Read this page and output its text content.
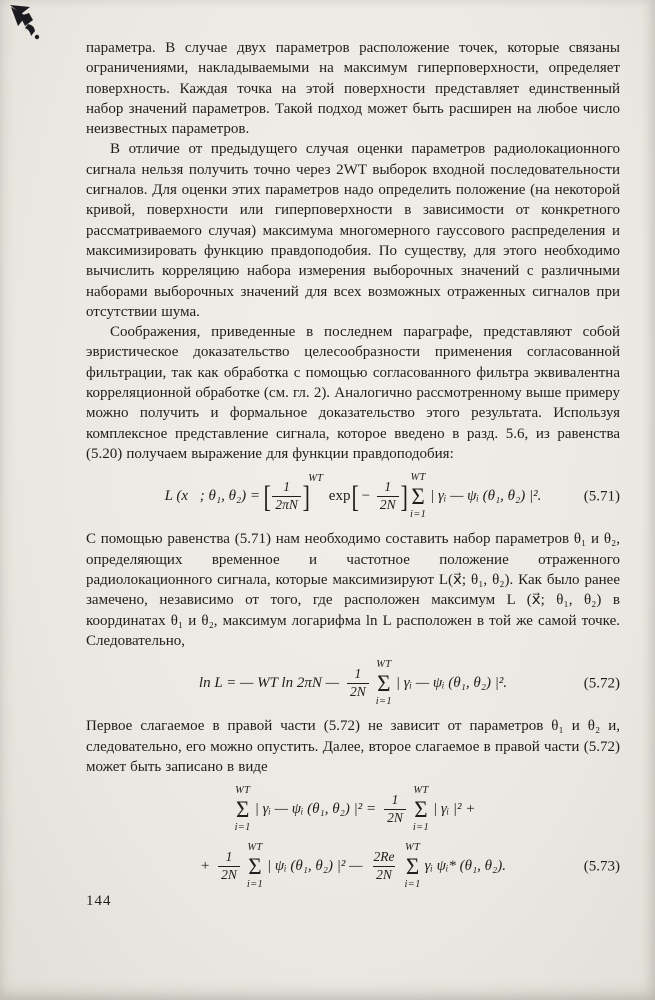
параметра. В случае двух параметров расположение точек, которые связаны ограничениями, накладываемыми на максимум гиперповерхности, определяет поверхность. Каждая точка на этой поверхности представляет единственный набор значений параметров. Такой подход может быть расширен на любое число неизвестных параметров.

В отличие от предыдущего случая оценки параметров радиолокационного сигнала нельзя получить точно через 2WT выборок входной последовательности сигналов. Для оценки этих параметров надо определить положение (на некоторой кривой, поверхности или гиперповерхности в зависимости от конкретного рассматриваемого случая) максимума многомерного гауссового распределения и максимизировать функцию правдоподобия. По существу, для этого необходимо вычислить корреляцию набора измерения выборочных значений с различными наборами выборочных значений для всех возможных отраженных сигналов при отсутствии шума.

Соображения, приведенные в последнем параграфе, представляют собой эвристическое доказательство целесообразности применения согласованной фильтрации, так как обработка с помощью согласованного фильтра эквивалентна корреляционной обработке (см. гл. 2). Аналогично рассмотренному выше примеру можно получить и формальное доказательство этого результата. Используя комплексное представление сигнала, которое введено в разд. 5.6, из равенства (5.20) получаем выражение для функции правдоподобия:

L (x⃗; θ₁, θ₂) = [ $\frac{1}{2\pi N}$ ]
WT
exp [ − $\frac{1}{2N}$ ]
WT
Σ
i=1
| γᵢ — ψᵢ (θ₁, θ₂) |².	(5.71)

С помощью равенства (5.71) нам необходимо составить набор параметров θ₁ и θ₂, определяющих временное и частотное положение отраженного радиолокационного сигнала, которые максимизируют L(x⃗; θ₁, θ₂). Как было ранее замечено, независимо от того, где расположен максимум L (x⃗; θ₁, θ₂) в координатах θ₁ и θ₂, максимум логарифма ln L расположен в той же самой точке. Следовательно,

ln L = — WT ln 2πN — $\frac{1}{2N}$
WT
Σ
i=1
| γᵢ — ψᵢ (θ₁, θ₂) |².	(5.72)

Первое слагаемое в правой части (5.72) не зависит от параметров θ₁ и θ₂ и, следовательно, его можно опустить. Далее, второе слагаемое в правой части (5.72) может быть записано в виде

WT
Σ
i=1
| γᵢ — ψᵢ (θ₁, θ₂) $|^2 = \frac{1}{2N}$
WT
Σ
i=1
| γᵢ |² +
+ $\frac{1}{2N}$
WT
Σ
i=1
| ψᵢ (θ₁, θ₂) |² — $\frac{2Re}{2N}$
WT
Σ
i=1
γᵢ ψᵢ* (θ₁, θ₂).	(5.73)
144
